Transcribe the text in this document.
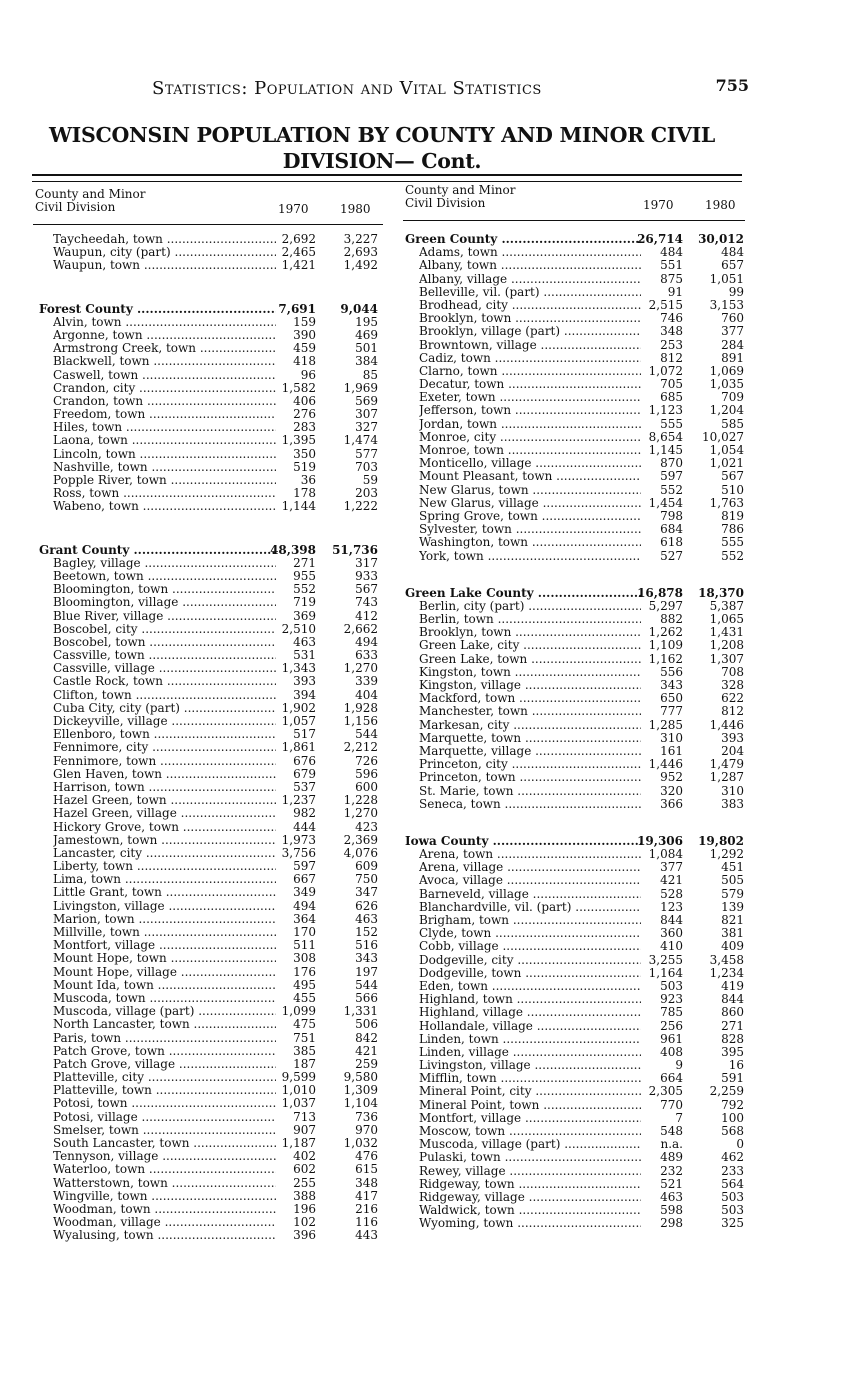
Statistics: Population and Vital Statistics	755
WISCONSIN POPULATION BY COUNTY AND MINOR CIVIL DIVISION— Cont.
County and Minor
Civil Division	1970	1980
Taycheedah, town .....	2,692	3,227
Waupun, city (part) .....	2,465	2,693
Waupun, town .....	1,421	1,492
Forest County .....	7,691	9,044
Alvin, town .....	159	195
Argonne, town .....	390	469
Armstrong Creek, town .....	459	501
Blackwell, town .....	418	384
Caswell, town .....	96	85
Crandon, city .....	1,582	1,969
Crandon, town .....	406	569
Freedom, town .....	276	307
Hiles, town .....	283	327
Laona, town .....	1,395	1,474
Lincoln, town .....	350	577
Nashville, town .....	519	703
Popple River, town .....	36	59
Ross, town .....	178	203
Wabeno, town .....	1,144	1,222
Grant County .....	48,398 51,736
Bagley, village .....	271	317
Beetown, town .....	955	933
Bloomington, town .....	552	567
Bloomington, village .....	719	743
Blue River, village .....	369	412
Boscobel, city .....	2,510	2,662
Boscobel, town .....	463	494
Cassville, town .....	531	633
Cassville, village .....	1,343	1,270
Castle Rock, town .....	393	339
Clifton, town .....	394	404
Cuba City, city (part) .....	1,902	1,928
Dickeyville, village .....	1,057	1,156
Ellenboro, town .....	517	544
Fennimore, city .....	1,861	2,212
Fennimore, town .....	676	726
Glen Haven, town .....	679	596
Harrison, town .....	537	600
Hazel Green, town .....	1,237	1,228
Hazel Green, village .....	982	1,270
Hickory Grove, town .....	444	423
Jamestown, town .....	1,973	2,369
Lancaster, city .....	3,756	4,076
Liberty, town .....	597	609
Lima, town .....	667	750
Little Grant, town .....	349	347
Livingston, village .....	494	626
Marion, town .....	364	463
Millville, town .....	170	152
Montfort, village .....	511	516
Mount Hope, town .....	308	343
Mount Hope, village .....	176	197
Mount Ida, town .....	495	544
Muscoda, town .....	455	566
Muscoda, village (part) .....	1,099	1,331
North Lancaster, town .....	475	506
Paris, town .....	751	842
Patch Grove, town .....	385	421
Patch Grove, village .....	187	259
Platteville, city .....	9,599	9,580
Platteville, town .....	1,010	1,309
Potosi, town .....	1,037	1,104
Potosi, village .....	713	736
Smelser, town .....	907	970
South Lancaster, town .....	1,187	1,032
Tennyson, village .....	402	476
Waterloo, town .....	602	615
Watterstown, town .....	255	348
Wingville, town .....	388	417
Woodman, town .....	196	216
Woodman, village .....	102	116
Wyalusing, town .....	396	443
County and Minor
Civil Division	1970	1980
Green County .....	26,714	30,012
Adams, town .....	484	484
Albany, town .....	551	657
Albany, village .....	875	1,051
Belleville, vil. (part) .....	91	99
Brodhead, city .....	2,515	3,153
Brooklyn, town .....	746	760
Brooklyn, village (part) .....	348	377
Browntown, village .....	253	284
Cadiz, town .....	812	891
Clarno, town .....	1,072	1,069
Decatur, town .....	705	1,035
Exeter, town .....	685	709
Jefferson, town .....	1,123	1,204
Jordan, town .....	555	585
Monroe, city .....	8,654	10,027
Monroe, town .....	1,145	1,054
Monticello, village .....	870	1,021
Mount Pleasant, town .....	597	567
New Glarus, town .....	552	510
New Glarus, village .....	1,454	1,763
Spring Grove, town .....	798	819
Sylvester, town .....	684	786
Washington, town .....	618	555
York, town .....	527	552
Green Lake County .....	16,878	18,370
Berlin, city (part) .....	5,297	5,387
Berlin, town .....	882	1,065
Brooklyn, town .....	1,262	1,431
Green Lake, city .....	1,109	1,208
Green Lake, town .....	1,162	1,307
Kingston, town .....	556	708
Kingston, village .....	343	328
Mackford, town .....	650	622
Manchester, town .....	777	812
Markesan, city .....	1,285	1,446
Marquette, town .....	310	393
Marquette, village .....	161	204
Princeton, city .....	1,446	1,479
Princeton, town .....	952	1,287
St. Marie, town .....	320	310
Seneca, town .....	366	383
Iowa County .....	19,306	19,802
Arena, town .....	1,084	1,292
Arena, village .....	377	451
Avoca, village .....	421	505
Barneveld, village .....	528	579
Blanchardville, vil. (part) .....	123	139
Brigham, town .....	844	821
Clyde, town .....	360	381
Cobb, village .....	410	409
Dodgeville, city .....	3,255	3,458
Dodgeville, town .....	1,164	1,234
Eden, town .....	503	419
Highland, town .....	923	844
Highland, village .....	785	860
Hollandale, village .....	256	271
Linden, town .....	961	828
Linden, village .....	408	395
Livingston, village .....	9	16
Mifflin, town .....	664	591
Mineral Point, city .....	2,305	2,259
Mineral Point, town .....	770	792
Montfort, village .....	7	100
Moscow, town .....	548	568
Muscoda, village (part) .....	n.a.	0
Pulaski, town .....	489	462
Rewey, village .....	232	233
Ridgeway, town .....	521	564
Ridgeway, village .....	463	503
Waldwick, town .....	598	503
Wyoming, town .....	298	325
